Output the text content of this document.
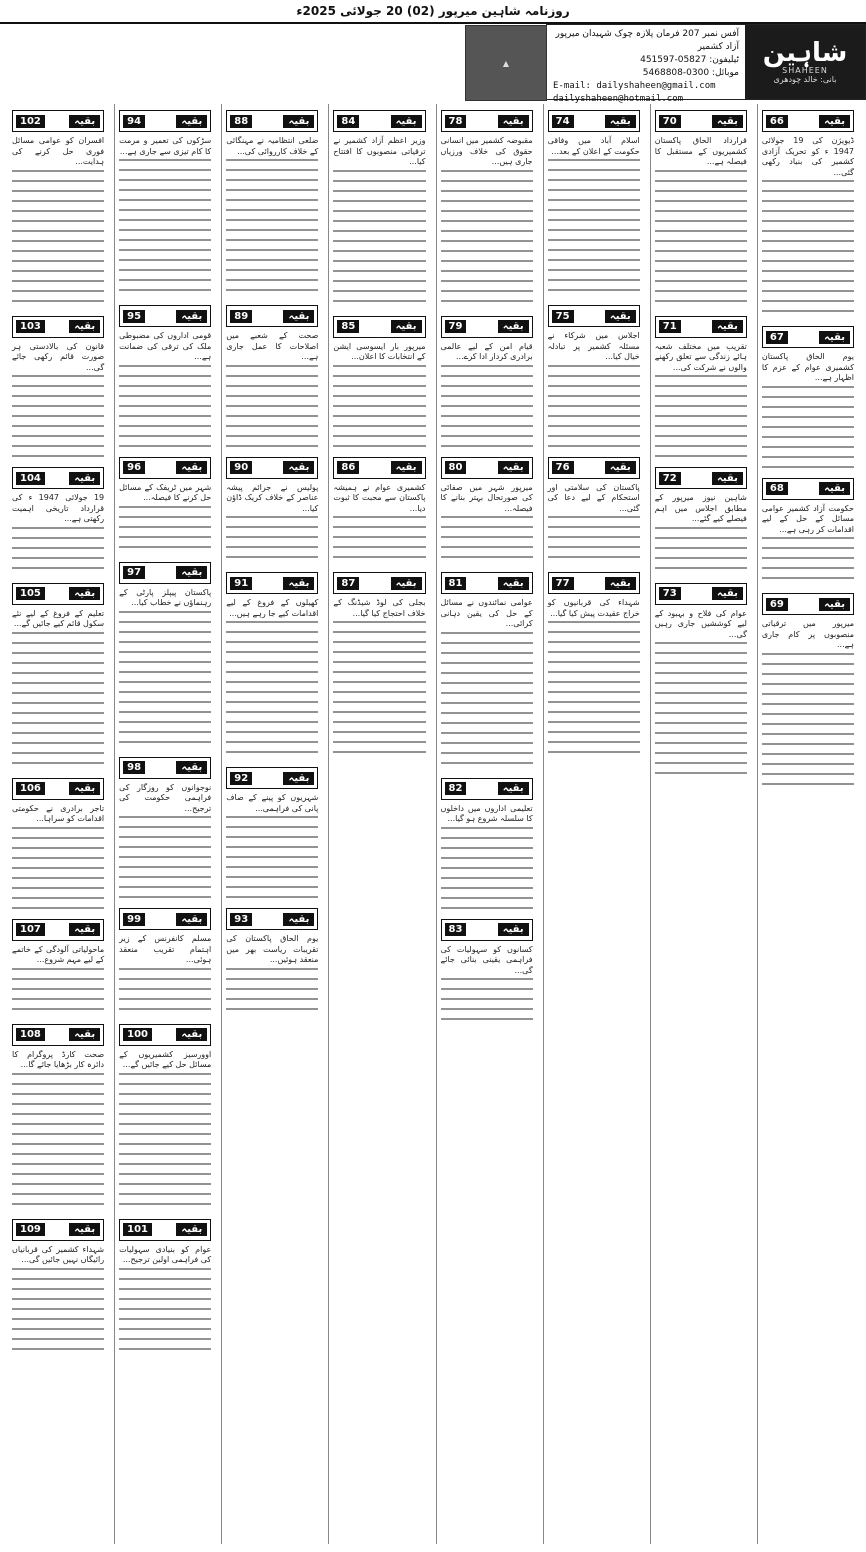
روزنامہ شاہین میرپور (02) 20 جولائی 2025ء
شاہین
SHAHEEN
بانی: خالد چودھری
آفس نمبر 207 فرمان پلازہ چوک شہیدان میرپور آزاد کشمیر
ٹیلیفون: 05827-451597
موبائل: 0300-5468808
E-mail: dailyshaheen@gmail.com
dailyshaheen@hotmail.com
▲
بقیہ
66
ڈیویژن کی 19 جولائی 1947 ء کو تحریک آزادی کشمیر کی بنیاد رکھی گئی...
بقیہ
67
یوم الحاق پاکستان کشمیری عوام کے عزم کا اظہار ہے...
بقیہ
68
حکومت آزاد کشمیر عوامی مسائل کے حل کے لیے اقدامات کر رہی ہے...
بقیہ
69
میرپور میں ترقیاتی منصوبوں پر کام جاری ہے...
بقیہ
70
قرارداد الحاق پاکستان کشمیریوں کے مستقبل کا فیصلہ ہے...
بقیہ
71
تقریب میں مختلف شعبہ ہائے زندگی سے تعلق رکھنے والوں نے شرکت کی...
بقیہ
72
شاہین نیوز میرپور کے مطابق اجلاس میں اہم فیصلے کیے گئے...
بقیہ
73
عوام کی فلاح و بہبود کے لیے کوششیں جاری رہیں گی...
بقیہ
74
اسلام آباد میں وفاقی حکومت کے اعلان کے بعد...
بقیہ
75
اجلاس میں شرکاء نے مسئلہ کشمیر پر تبادلہ خیال کیا...
بقیہ
76
پاکستان کی سلامتی اور استحکام کے لیے دعا کی گئی...
بقیہ
77
شہداء کی قربانیوں کو خراج عقیدت پیش کیا گیا...
بقیہ
78
مقبوضہ کشمیر میں انسانی حقوق کی خلاف ورزیاں جاری ہیں...
بقیہ
79
قیام امن کے لیے عالمی برادری کردار ادا کرے...
بقیہ
80
میرپور شہر میں صفائی کی صورتحال بہتر بنانے کا فیصلہ...
بقیہ
81
عوامی نمائندوں نے مسائل کے حل کی یقین دہانی کرائی...
بقیہ
82
تعلیمی اداروں میں داخلوں کا سلسلہ شروع ہو گیا...
بقیہ
83
کسانوں کو سہولیات کی فراہمی یقینی بنائی جائے گی...
بقیہ
84
وزیر اعظم آزاد کشمیر نے ترقیاتی منصوبوں کا افتتاح کیا...
بقیہ
85
میرپور بار ایسوسی ایشن کے انتخابات کا اعلان...
بقیہ
86
کشمیری عوام نے ہمیشہ پاکستان سے محبت کا ثبوت دیا...
بقیہ
87
بجلی کی لوڈ شیڈنگ کے خلاف احتجاج کیا گیا...
بقیہ
88
ضلعی انتظامیہ نے مہنگائی کے خلاف کارروائی کی...
بقیہ
89
صحت کے شعبے میں اصلاحات کا عمل جاری ہے...
بقیہ
90
پولیس نے جرائم پیشہ عناصر کے خلاف کریک ڈاؤن کیا...
بقیہ
91
کھیلوں کے فروغ کے لیے اقدامات کیے جا رہے ہیں...
بقیہ
92
شہریوں کو پینے کے صاف پانی کی فراہمی...
بقیہ
93
یوم الحاق پاکستان کی تقریبات ریاست بھر میں منعقد ہوئیں...
بقیہ
94
سڑکوں کی تعمیر و مرمت کا کام تیزی سے جاری ہے...
بقیہ
95
قومی اداروں کی مضبوطی ملک کی ترقی کی ضمانت ہے...
بقیہ
96
شہر میں ٹریفک کے مسائل حل کرنے کا فیصلہ...
بقیہ
97
پاکستان پیپلز پارٹی کے رہنماؤں نے خطاب کیا...
بقیہ
98
نوجوانوں کو روزگار کی فراہمی حکومت کی ترجیح...
بقیہ
99
مسلم کانفرنس کے زیر اہتمام تقریب منعقد ہوئی...
بقیہ
100
اوورسیز کشمیریوں کے مسائل حل کیے جائیں گے...
بقیہ
101
عوام کو بنیادی سہولیات کی فراہمی اولین ترجیح...
بقیہ
102
افسران کو عوامی مسائل فوری حل کرنے کی ہدایت...
بقیہ
103
قانون کی بالادستی ہر صورت قائم رکھی جائے گی...
بقیہ
104
19 جولائی 1947 ء کی قرارداد تاریخی اہمیت رکھتی ہے...
بقیہ
105
تعلیم کے فروغ کے لیے نئے سکول قائم کیے جائیں گے...
بقیہ
106
تاجر برادری نے حکومتی اقدامات کو سراہا...
بقیہ
107
ماحولیاتی آلودگی کے خاتمے کے لیے مہم شروع...
بقیہ
108
صحت کارڈ پروگرام کا دائرہ کار بڑھایا جائے گا...
بقیہ
109
شہداء کشمیر کی قربانیاں رائیگاں نہیں جائیں گی...
